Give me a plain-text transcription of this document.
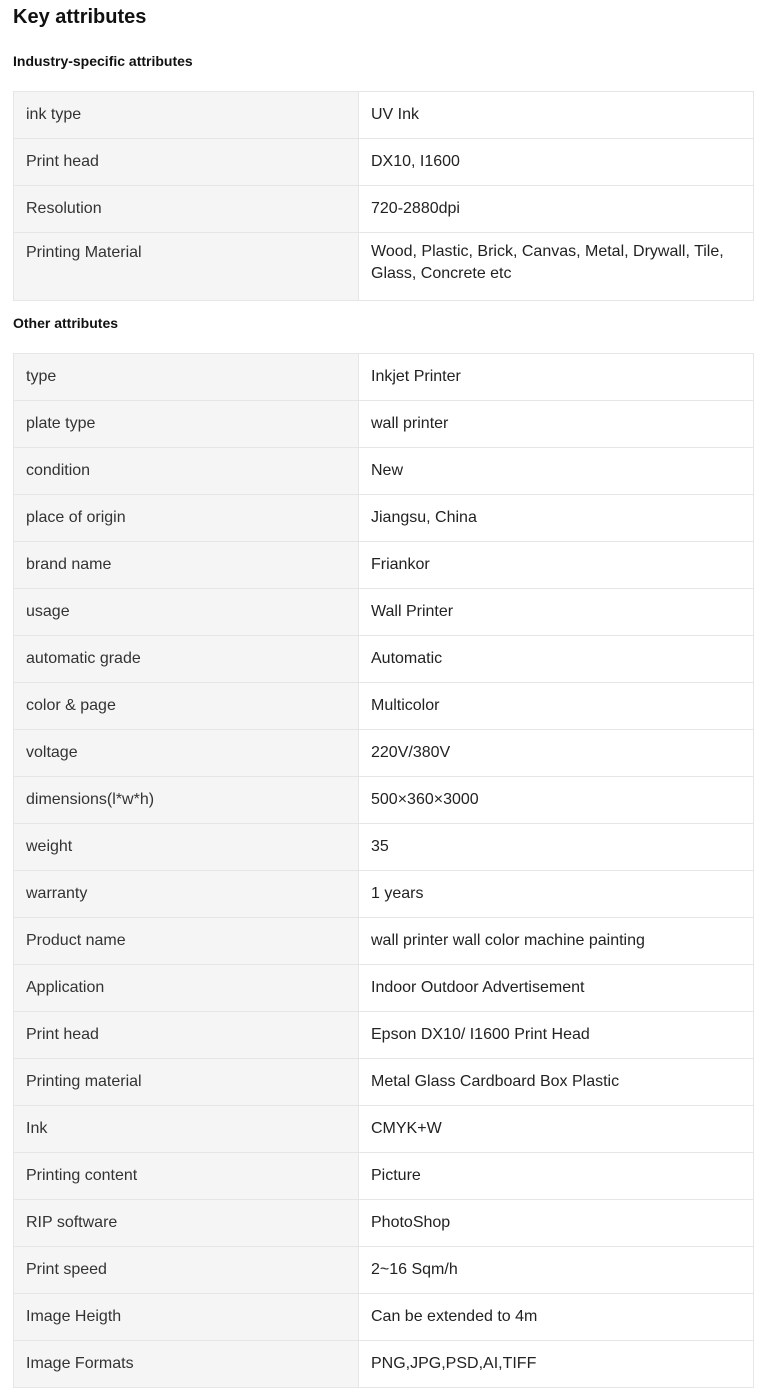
Key attributes
Industry-specific attributes
ink type	UV Ink
Print head	DX10, I1600
Resolution	720-2880dpi
Printing Material	Wood, Plastic, Brick, Canvas, Metal, Drywall, Tile, Glass, Concrete etc
Other attributes
type	Inkjet Printer
plate type	wall printer
condition	New
place of origin	Jiangsu, China
brand name	Friankor
usage	Wall Printer
automatic grade	Automatic
color & page	Multicolor
voltage	220V/380V
dimensions(l*w*h)	500×360×3000
weight	35
warranty	1 years
Product name	wall printer wall color machine painting
Application	Indoor Outdoor Advertisement
Print head	Epson DX10/ I1600 Print Head
Printing material	Metal Glass Cardboard Box Plastic
Ink	CMYK+W
Printing content	Picture
RIP software	PhotoShop
Print speed	2~16 Sqm/h
Image Heigth	Can be extended to 4m
Image Formats	PNG,JPG,PSD,AI,TIFF
